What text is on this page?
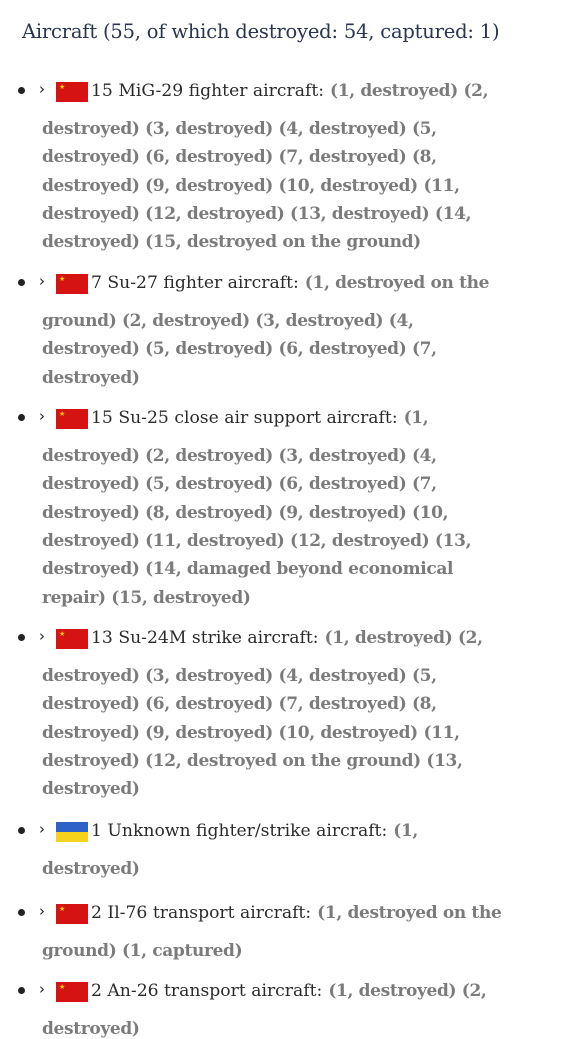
Aircraft (55, of which destroyed: 54, captured: 1)
› ★ 15 MiG-29 fighter aircraft: (1, destroyed) (2,
destroyed) (3, destroyed) (4, destroyed) (5,
destroyed) (6, destroyed) (7, destroyed) (8,
destroyed) (9, destroyed) (10, destroyed) (11,
destroyed) (12, destroyed) (13, destroyed) (14,
destroyed) (15, destroyed on the ground)
› ★ 7 Su-27 fighter aircraft: (1, destroyed on the
ground) (2, destroyed) (3, destroyed) (4,
destroyed) (5, destroyed) (6, destroyed) (7,
destroyed)
› ★ 15 Su-25 close air support aircraft: (1,
destroyed) (2, destroyed) (3, destroyed) (4,
destroyed) (5, destroyed) (6, destroyed) (7,
destroyed) (8, destroyed) (9, destroyed) (10,
destroyed) (11, destroyed) (12, destroyed) (13,
destroyed) (14, damaged beyond economical
repair) (15, destroyed)
› ★ 13 Su-24M strike aircraft: (1, destroyed) (2,
destroyed) (3, destroyed) (4, destroyed) (5,
destroyed) (6, destroyed) (7, destroyed) (8,
destroyed) (9, destroyed) (10, destroyed) (11,
destroyed) (12, destroyed on the ground) (13,
destroyed)
›	1 Unknown fighter/strike aircraft: (1,
destroyed)
› ★ 2 Il-76 transport aircraft: (1, destroyed on the
ground) (1, captured)
› ★ 2 An-26 transport aircraft: (1, destroyed) (2,
destroyed)
